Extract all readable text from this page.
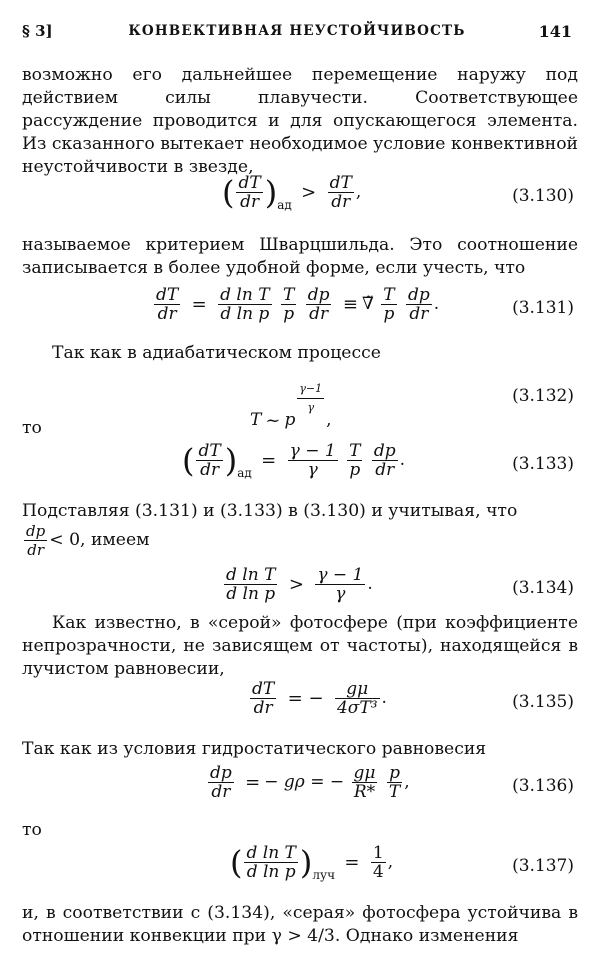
§ 3]	КОНВЕКТИВНАЯ НЕУСТОЙЧИВОСТЬ	141
возможно его дальнейшее перемещение наружу под действием силы плавучести. Соответствующее рассуждение проводится и для опускающегося элемента. Из сказанного вытекает необходимое условие конвективной неустойчивости в звезде,
( $\frac{dT}{dr} )_{ад} > \frac{dT}{dr}$ ,	(3.130)
называемое критерием Шварцшильда. Это соотношение записывается в более удобной форме, если учесть, что
$\frac{dT}{dr} = \frac{\text{d ln T}}{\text{d ln p}}$
$\frac{T}{p}$
$\frac{dp}{dr}$ ≡ ∇̃ $\frac{T}{p}$
$\frac{dp}{dr}$ .	(3.131)
Так как в адиабатическом процессе
T ~ p
$\frac{\gamma-1}{\gamma}$
,
(3.132)
то
( $\frac{dT}{dr} )_{ад} = \frac{\gamma - 1}{\gamma}$
$\frac{T}{p}$
$\frac{dp}{dr}$ .	(3.133)
Подставляя (3.131) и (3.133) в (3.130) и учитывая, что
$\frac{dp}{dr} < 0$, имеем
$\frac{\text{d ln T}}{\text{d ln p}} > \frac{\gamma - 1}{\gamma}$ .	(3.134)
Как известно, в «серой» фотосфере (при коэффициенте непрозрачности, не зависящем от частоты), находящейся в лучистом равновесии,
$\frac{dT}{dr}$ = − $\frac{g\mu}{\text{4σT³}}$ .	(3.135)
Так как из условия гидростатического равновесия
$\frac{dp}{dr}$ = − gρ = − $\frac{g\mu}{R*}$
$\frac{p}{T}$ ,	(3.136)
то
( $\frac{\text{d ln T}}{\text{d ln p}} )_{луч} = \frac{1}{4}$ ,	(3.137)
и, в соответствии с (3.134), «серая» фотосфера устойчива в отношении конвекции при γ > 4/3. Однако изменения
